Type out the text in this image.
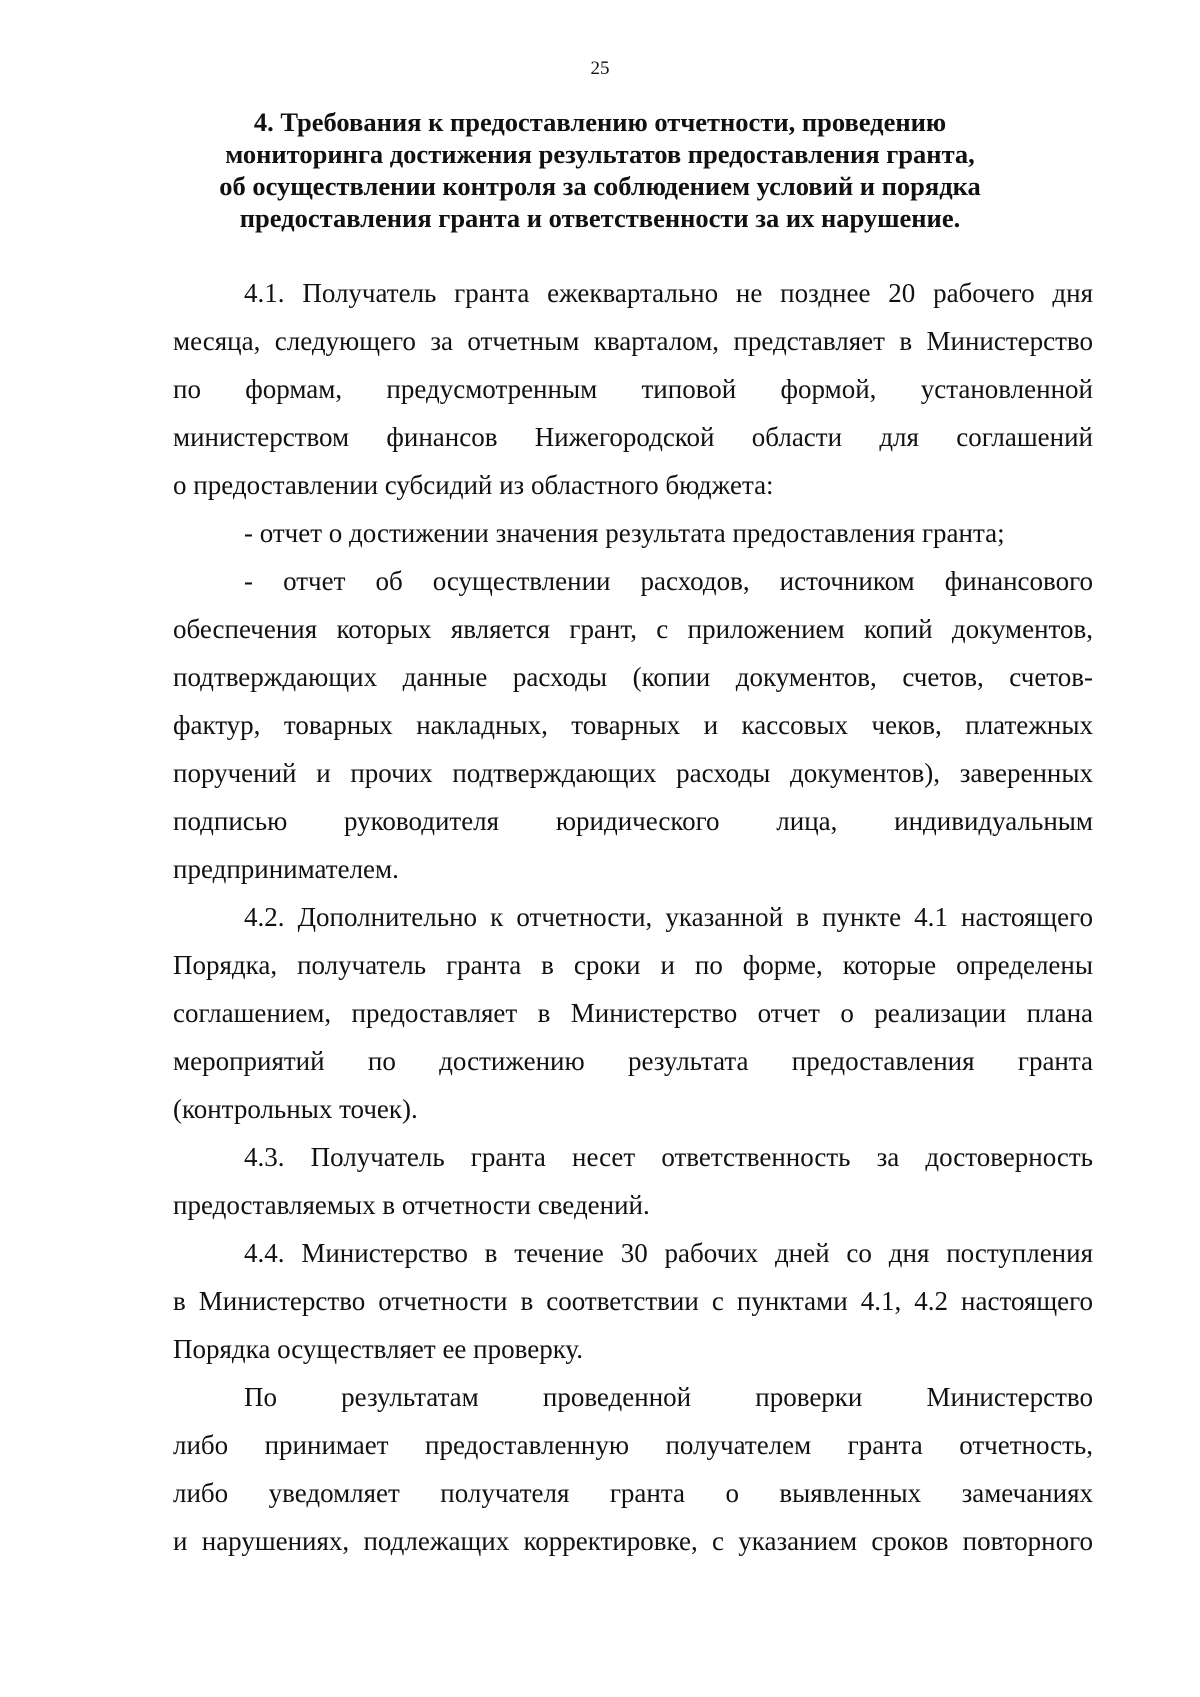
25
4. Требования к предоставлению отчетности, проведению
мониторинга достижения результатов предоставления гранта,
об осуществлении контроля за соблюдением условий и порядка
предоставления гранта и ответственности за их нарушение.
4.1. Получатель гранта ежеквартально не позднее 20 рабочего дня
месяца, следующего за отчетным кварталом, представляет в Министерство
по формам, предусмотренным типовой формой, установленной
министерством финансов Нижегородской области для соглашений
о предоставлении субсидий из областного бюджета:
- отчет о достижении значения результата предоставления гранта;
- отчет об осуществлении расходов, источником финансового
обеспечения которых является грант, с приложением копий документов,
подтверждающих данные расходы (копии документов, счетов, счетов-
фактур, товарных накладных, товарных и кассовых чеков, платежных
поручений и прочих подтверждающих расходы документов), заверенных
подписью руководителя юридического лица, индивидуальным
предпринимателем.
4.2. Дополнительно к отчетности, указанной в пункте 4.1 настоящего
Порядка, получатель гранта в сроки и по форме, которые определены
соглашением, предоставляет в Министерство отчет о реализации плана
мероприятий по достижению результата предоставления гранта
(контрольных точек).
4.3. Получатель гранта несет ответственность за достоверность
предоставляемых в отчетности сведений.
4.4. Министерство в течение 30 рабочих дней со дня поступления
в Министерство отчетности в соответствии с пунктами 4.1, 4.2 настоящего
Порядка осуществляет ее проверку.
По результатам проведенной проверки Министерство
либо принимает предоставленную получателем гранта отчетность,
либо уведомляет получателя гранта о выявленных замечаниях
и нарушениях, подлежащих корректировке, с указанием сроков повторного
